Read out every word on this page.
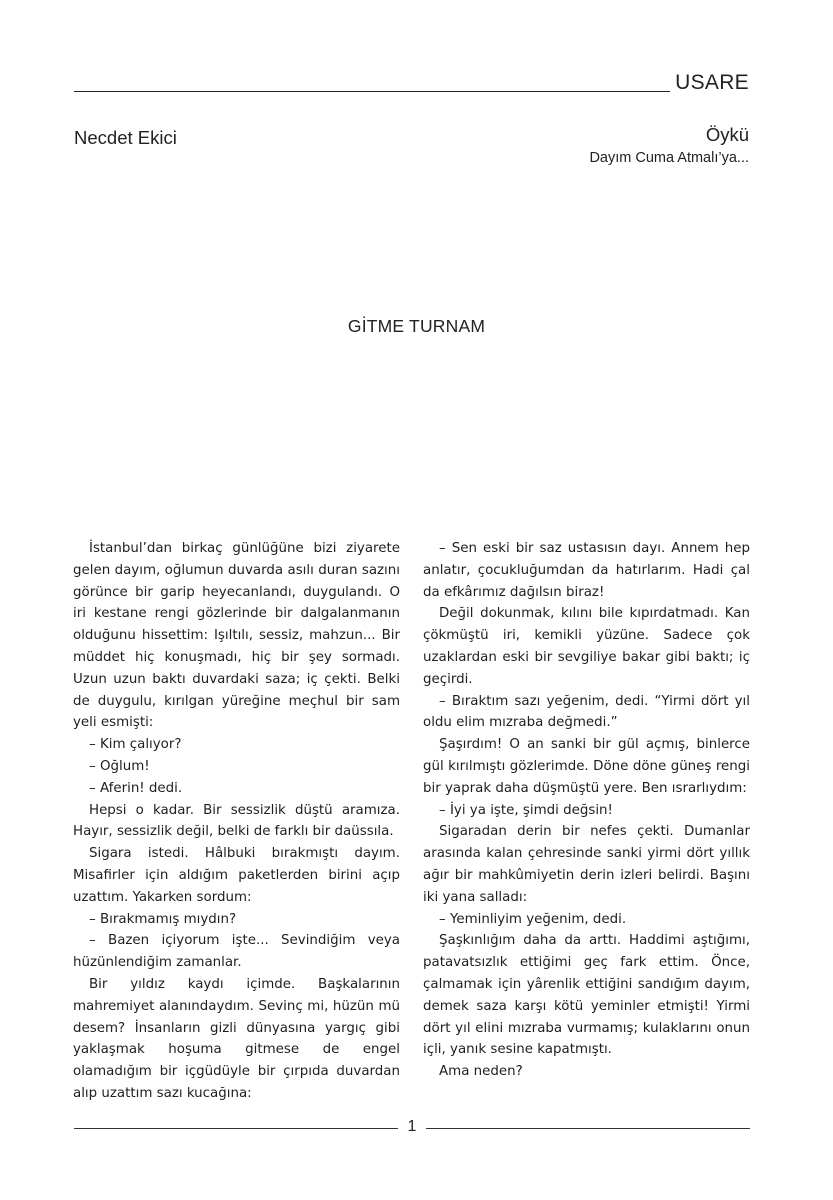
USARE
Necdet Ekici	Öykü
Dayım Cuma Atmalı’ya...
GİTME TURNAM

İstanbul’dan birkaç günlüğüne bizi ziyarete gelen dayım, oğlumun duvarda asılı duran sazını görünce bir garip heyecanlandı, duygulandı. O iri kestane rengi gözlerinde bir dalgalanmanın olduğunu hissettim: Işıltılı, sessiz, mahzun... Bir müddet hiç konuşmadı, hiç bir şey sormadı. Uzun uzun baktı duvardaki saza; iç çekti. Belki de duygulu, kırılgan yüreğine meçhul bir sam yeli esmişti:

– Kim çalıyor?

– Oğlum!

– Aferin! dedi.

Hepsi o kadar. Bir sessizlik düştü aramıza. Hayır, sessizlik değil, belki de farklı bir daüssıla.

Sigara istedi. Hâlbuki bırakmıştı dayım. Misafirler için aldığım paketlerden birini açıp uzattım. Yakarken sordum:

– Bırakmamış mıydın?

– Bazen içiyorum işte... Sevindiğim veya hüzünlendiğim zamanlar.

Bir yıldız kaydı içimde. Başkalarının mahremiyet alanındaydım. Sevinç mi, hüzün mü desem? İnsanların gizli dünyasına yargıç gibi yaklaşmak hoşuma gitmese de engel olamadığım bir içgüdüyle bir çırpıda duvardan alıp uzattım sazı kucağına:

– Sen eski bir saz ustasısın dayı. Annem hep anlatır, çocukluğumdan da hatırlarım. Hadi çal da efkârımız dağılsın biraz!

Değil dokunmak, kılını bile kıpırdatmadı. Kan çökmüştü iri, kemikli yüzüne. Sadece çok uzaklardan eski bir sevgiliye bakar gibi baktı; iç geçirdi.

– Bıraktım sazı yeğenim, dedi. “Yirmi dört yıl oldu elim mızraba değmedi.”

Şaşırdım! O an sanki bir gül açmış, binlerce gül kırılmıştı gözlerimde. Döne döne güneş rengi bir yaprak daha düşmüştü yere. Ben ısrarlıydım:

– İyi ya işte, şimdi değsin!

Sigaradan derin bir nefes çekti. Dumanlar arasında kalan çehresinde sanki yirmi dört yıllık ağır bir mahkûmiyetin derin izleri belirdi. Başını iki yana salladı:

– Yeminliyim yeğenim, dedi.

Şaşkınlığım daha da arttı. Haddimi aştığımı, patavatsızlık ettiğimi geç fark ettim. Önce, çalmamak için yârenlik ettiğini sandığım dayım, demek saza karşı kötü yeminler etmişti! Yirmi dört yıl elini mızraba vurmamış; kulaklarını onun içli, yanık sesine kapatmıştı.

Ama neden?

1
